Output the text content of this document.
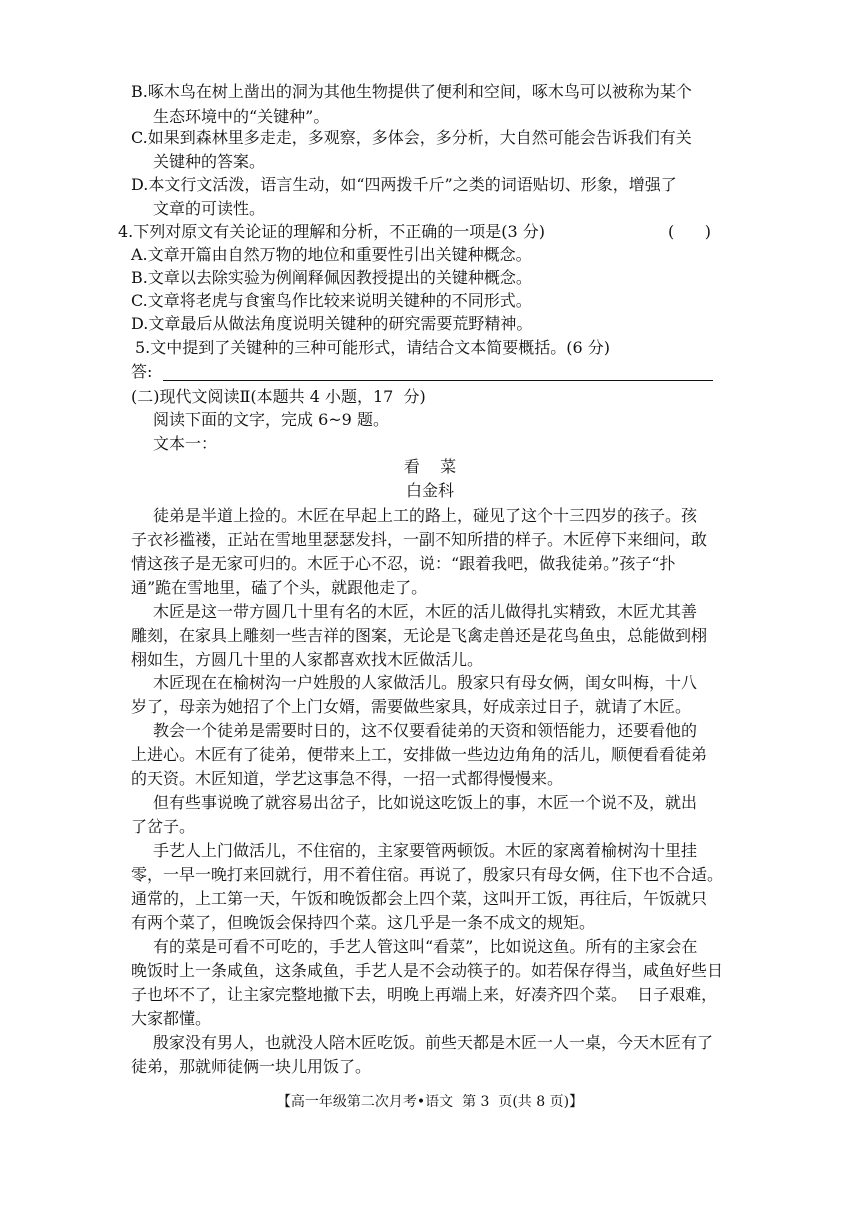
B.啄木鸟在树上凿出的洞为其他生物提供了便利和空间，啄木鸟可以被称为某个
生态环境中的“关键种”。
C.如果到森林里多走走，多观察，多体会，多分析，大自然可能会告诉我们有关
关键种的答案。
D.本文行文活泼，语言生动，如“四两拨千斤”之类的词语贴切、形象，增强了
文章的可读性。
4.下列对原文有关论证的理解和分析，不正确的一项是(3 分)	(      )
A.文章开篇由自然万物的地位和重要性引出关键种概念。
B.文章以去除实验为例阐释佩因教授提出的关键种概念。
C.文章将老虎与食蜜鸟作比较来说明关键种的不同形式。
D.文章最后从做法角度说明关键种的研究需要荒野精神。
5.文中提到了关键种的三种可能形式，请结合文本简要概括。(6 分)
答:
(二)现代文阅读Ⅱ(本题共 4 小题，17  分)
阅读下面的文字，完成 6~9 题。
文本一：
看    菜
白金科
徒弟是半道上捡的。木匠在早起上工的路上，碰见了这个十三四岁的孩子。孩
子衣衫褴褛，正站在雪地里瑟瑟发抖，一副不知所措的样子。木匠停下来细问，敢
情这孩子是无家可归的。木匠于心不忍，说：“跟着我吧，做我徒弟。”孩子“扑
通”跪在雪地里，磕了个头，就跟他走了。
木匠是这一带方圆几十里有名的木匠，木匠的活儿做得扎实精致，木匠尤其善
雕刻，在家具上雕刻一些吉祥的图案，无论是飞禽走兽还是花鸟鱼虫，总能做到栩
栩如生，方圆几十里的人家都喜欢找木匠做活儿。
木匠现在在榆树沟一户姓殷的人家做活儿。殷家只有母女俩，闺女叫梅，十八
岁了，母亲为她招了个上门女婿，需要做些家具，好成亲过日子，就请了木匠。
教会一个徒弟是需要时日的，这不仅要看徒弟的天资和领悟能力，还要看他的
上进心。木匠有了徒弟，便带来上工，安排做一些边边角角的活儿，顺便看看徒弟
的天资。木匠知道，学艺这事急不得，一招一式都得慢慢来。
但有些事说晚了就容易出岔子，比如说这吃饭上的事，木匠一个说不及，就出
了岔子。
手艺人上门做活儿，不住宿的，主家要管两顿饭。木匠的家离着榆树沟十里挂
零，一早一晚打来回就行，用不着住宿。再说了，殷家只有母女俩，住下也不合适。
通常的，上工第一天，午饭和晚饭都会上四个菜，这叫开工饭，再往后，午饭就只
有两个菜了，但晚饭会保持四个菜。这几乎是一条不成文的规矩。
有的菜是可看不可吃的，手艺人管这叫“看菜”，比如说这鱼。所有的主家会在
晚饭时上一条咸鱼，这条咸鱼，手艺人是不会动筷子的。如若保存得当，咸鱼好些日
子也坏不了，让主家完整地撤下去，明晚上再端上来，好凑齐四个菜。  日子艰难，
大家都懂。
殷家没有男人，也就没人陪木匠吃饭。前些天都是木匠一人一桌，今天木匠有了
徒弟，那就师徒俩一块儿用饭了。
【高一年级第二次月考•语文  第 3  页(共 8 页)】
